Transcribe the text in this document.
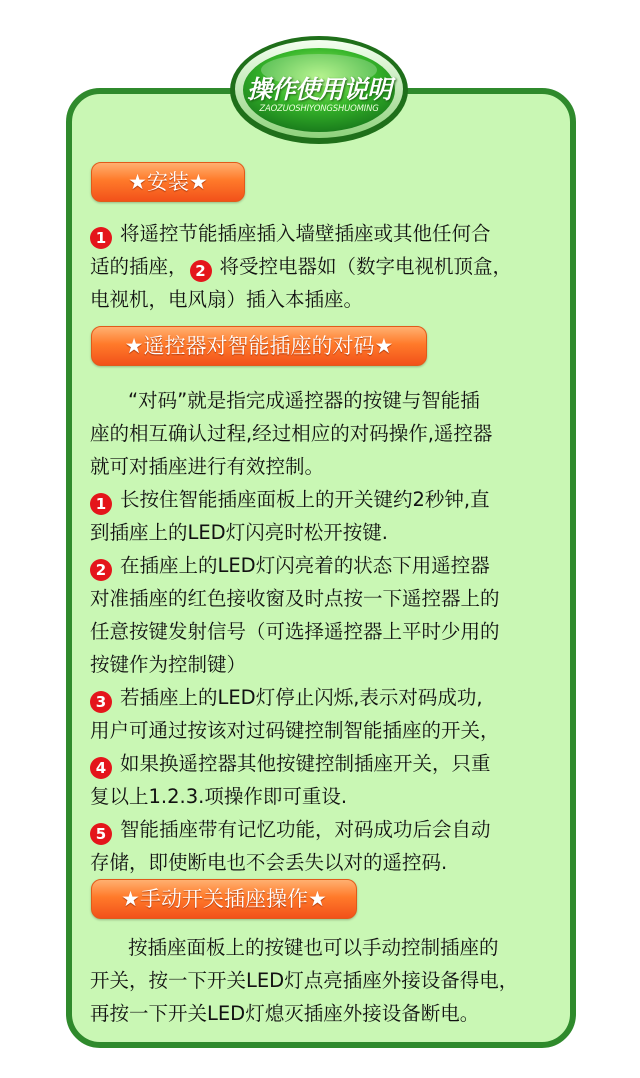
操作使用说明
ZAOZUOSHIYONGSHUOMING
★安装★
1 将遥控节能插座插入墙壁插座或其他任何合
适的插座， 2 将受控电器如（数字电视机顶盒，
电视机，电风扇）插入本插座。
★遥控器对智能插座的对码★
“对码”就是指完成遥控器的按键与智能插
座的相互确认过程,经过相应的对码操作,遥控器
就可对插座进行有效控制。
1 长按住智能插座面板上的开关键约2秒钟,直
到插座上的LED灯闪亮时松开按键.
2 在插座上的LED灯闪亮着的状态下用遥控器
对准插座的红色接收窗及时点按一下遥控器上的
任意按键发射信号（可选择遥控器上平时少用的
按键作为控制键）
3 若插座上的LED灯停止闪烁,表示对码成功,
用户可通过按该对过码键控制智能插座的开关，
4 如果换遥控器其他按键控制插座开关，只重
复以上1.2.3.项操作即可重设.
5 智能插座带有记忆功能，对码成功后会自动
存储，即使断电也不会丢失以对的遥控码.
★手动开关插座操作★
按插座面板上的按键也可以手动控制插座的
开关，按一下开关LED灯点亮插座外接设备得电，
再按一下开关LED灯熄灭插座外接设备断电。
